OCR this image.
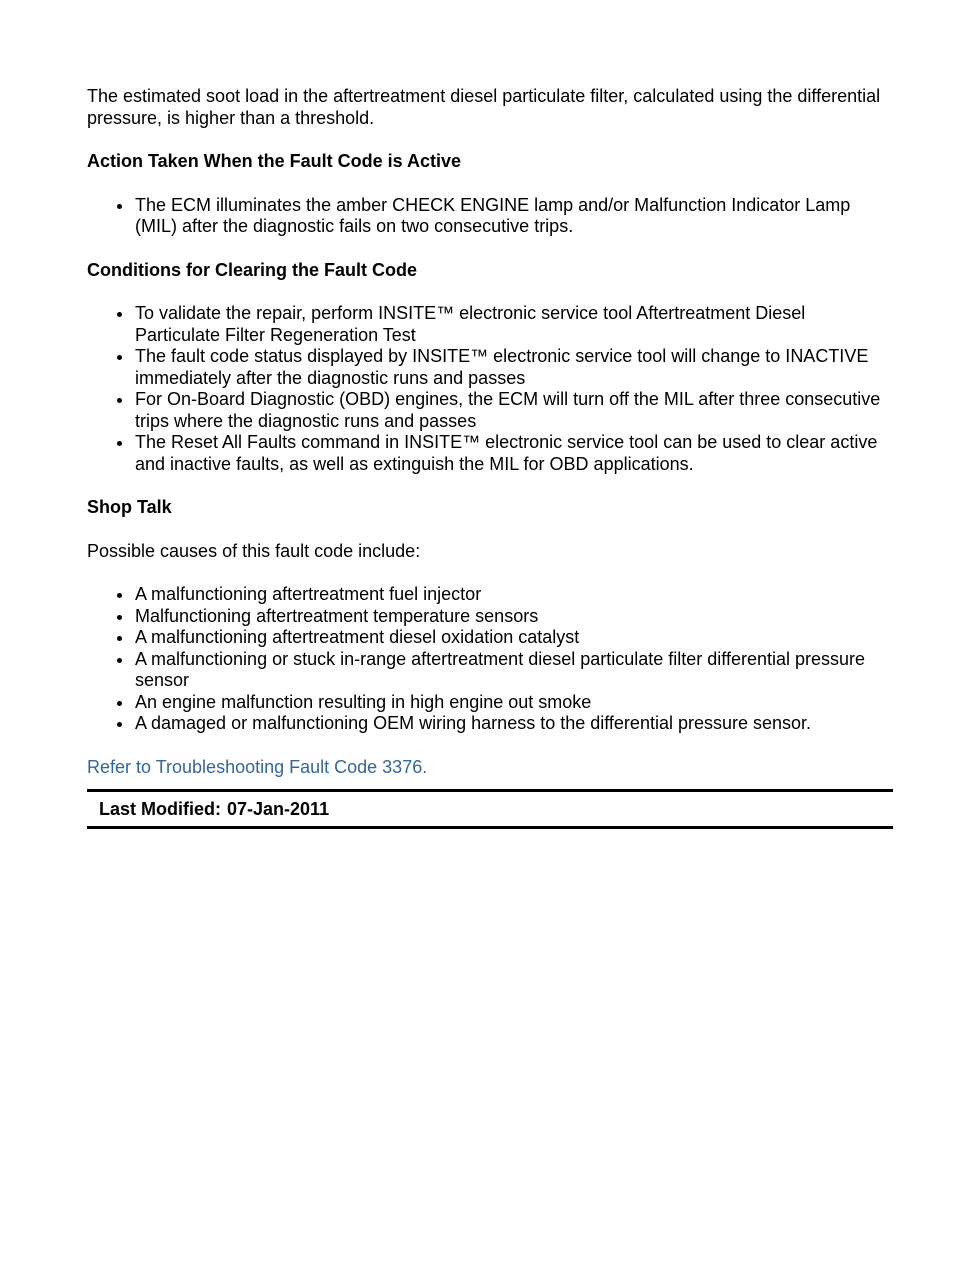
The estimated soot load in the aftertreatment diesel particulate filter, calculated using the differential pressure, is higher than a threshold.

Action Taken When the Fault Code is Active
The ECM illuminates the amber CHECK ENGINE lamp and/or Malfunction Indicator Lamp (MIL) after the diagnostic fails on two consecutive trips.
Conditions for Clearing the Fault Code
To validate the repair, perform INSITE™ electronic service tool Aftertreatment Diesel Particulate Filter Regeneration Test
The fault code status displayed by INSITE™ electronic service tool will change to INACTIVE immediately after the diagnostic runs and passes
For On-Board Diagnostic (OBD) engines, the ECM will turn off the MIL after three consecutive trips where the diagnostic runs and passes
The Reset All Faults command in INSITE™ electronic service tool can be used to clear active and inactive faults, as well as extinguish the MIL for OBD applications.
Shop Talk

Possible causes of this fault code include:

A malfunctioning aftertreatment fuel injector
Malfunctioning aftertreatment temperature sensors
A malfunctioning aftertreatment diesel oxidation catalyst
A malfunctioning or stuck in-range aftertreatment diesel particulate filter differential pressure sensor
An engine malfunction resulting in high engine out smoke
A damaged or malfunctioning OEM wiring harness to the differential pressure sensor.
Refer to Troubleshooting Fault Code 3376.
Last Modified: 07-Jan-2011
